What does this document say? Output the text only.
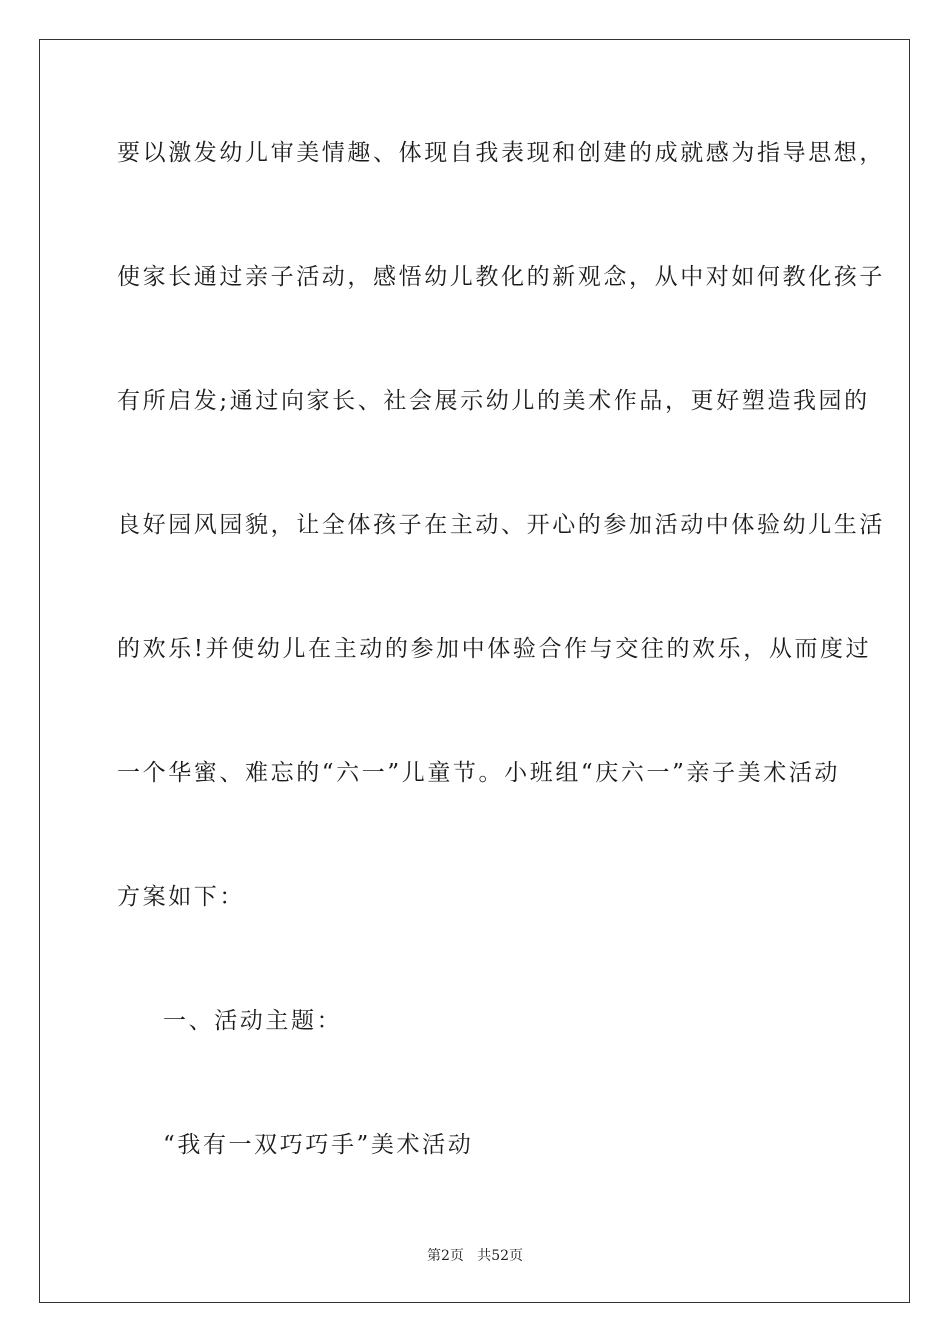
要以激发幼儿审美情趣、体现自我表现和创建的成就感为指导思想，
使家长通过亲子活动，感悟幼儿教化的新观念，从中对如何教化孩子
有所启发;通过向家长、社会展示幼儿的美术作品，更好塑造我园的
良好园风园貌，让全体孩子在主动、开心的参加活动中体验幼儿生活
的欢乐!并使幼儿在主动的参加中体验合作与交往的欢乐，从而度过
一个华蜜、难忘的“六一”儿童节。小班组“庆六一”亲子美术活动
方案如下：
一、活动主题：
“我有一双巧巧手”美术活动
第2页   共52页
